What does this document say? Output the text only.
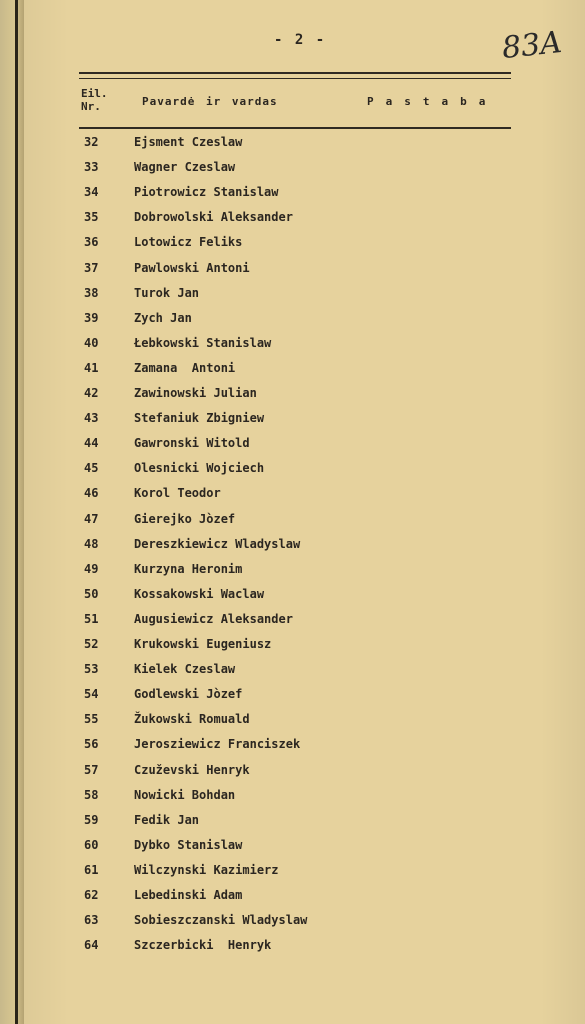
- 2 -	83A
Eil.
Nr.	Pavardė ir vardas	Pastaba
32	Ejsment Czeslaw
33	Wagner Czeslaw
34	Piotrowicz Stanislaw
35	Dobrowolski Aleksander
36	Lotowicz Feliks
37	Pawlowski Antoni
38	Turok Jan
39	Zych Jan
40	Łebkowski Stanislaw
41	Zamana  Antoni
42	Zawinowski Julian
43	Stefaniuk Zbigniew
44	Gawronski Witold
45	Olesnicki Wojciech
46	Korol Teodor
47	Gierejko Jòzef
48	Dereszkiewicz Wladyslaw
49	Kurzyna Heronim
50	Kossakowski Waclaw
51	Augusiewicz Aleksander
52	Krukowski Eugeniusz
53	Kielek Czeslaw
54	Godlewski Jòzef
55	Žukowski Romuald
56	Jerosziewicz Franciszek
57	Czuževski Henryk
58	Nowicki Bohdan
59	Fedik Jan
60	Dybko Stanislaw
61	Wilczynski Kazimierz
62	Lebedinski Adam
63	Sobieszczanski Wladyslaw
64	Szczerbicki  Henryk
